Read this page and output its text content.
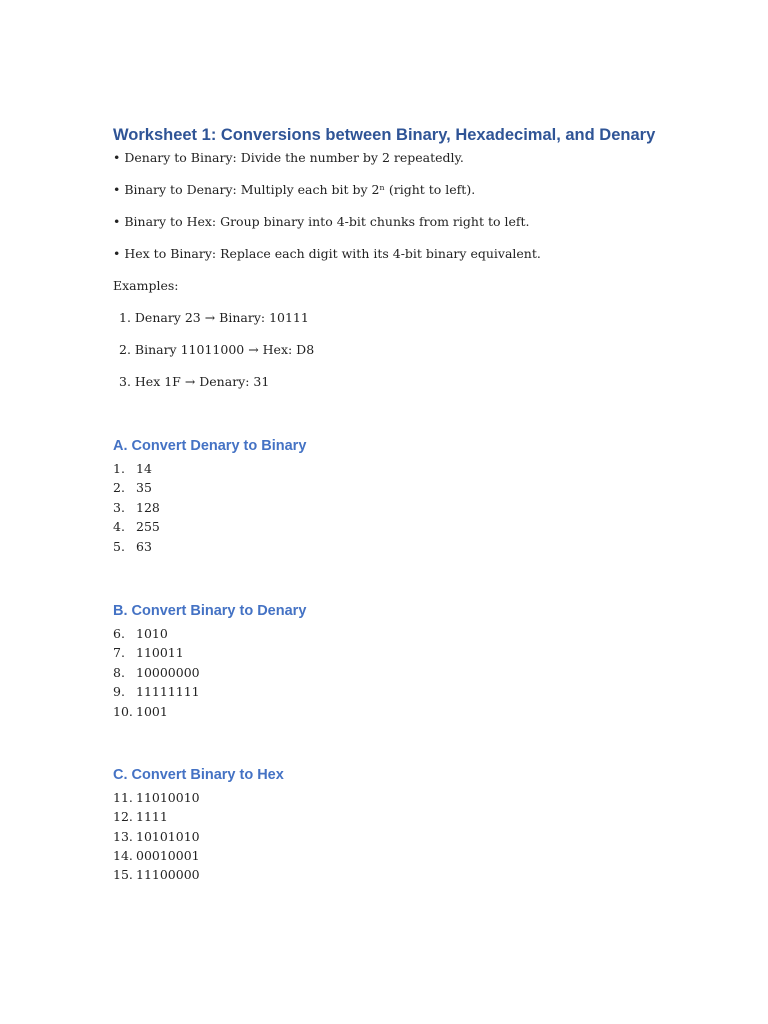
Worksheet 1: Conversions between Binary, Hexadecimal, and Denary

• Denary to Binary: Divide the number by 2 repeatedly.

• Binary to Denary: Multiply each bit by 2ⁿ (right to left).

• Binary to Hex: Group binary into 4-bit chunks from right to left.

• Hex to Binary: Replace each digit with its 4-bit binary equivalent.

Examples:

1. Denary 23 → Binary: 10111

2. Binary 11011000 → Hex: D8

3. Hex 1F → Denary: 31

A. Convert Denary to Binary
1. 14
2. 35
3. 128
4. 255
5. 63
B. Convert Binary to Denary
6. 1010
7. 110011
8. 10000000
9. 11111111
10. 1001
C. Convert Binary to Hex
11. 11010010
12. 1111
13. 10101010
14. 00010001
15. 11100000
